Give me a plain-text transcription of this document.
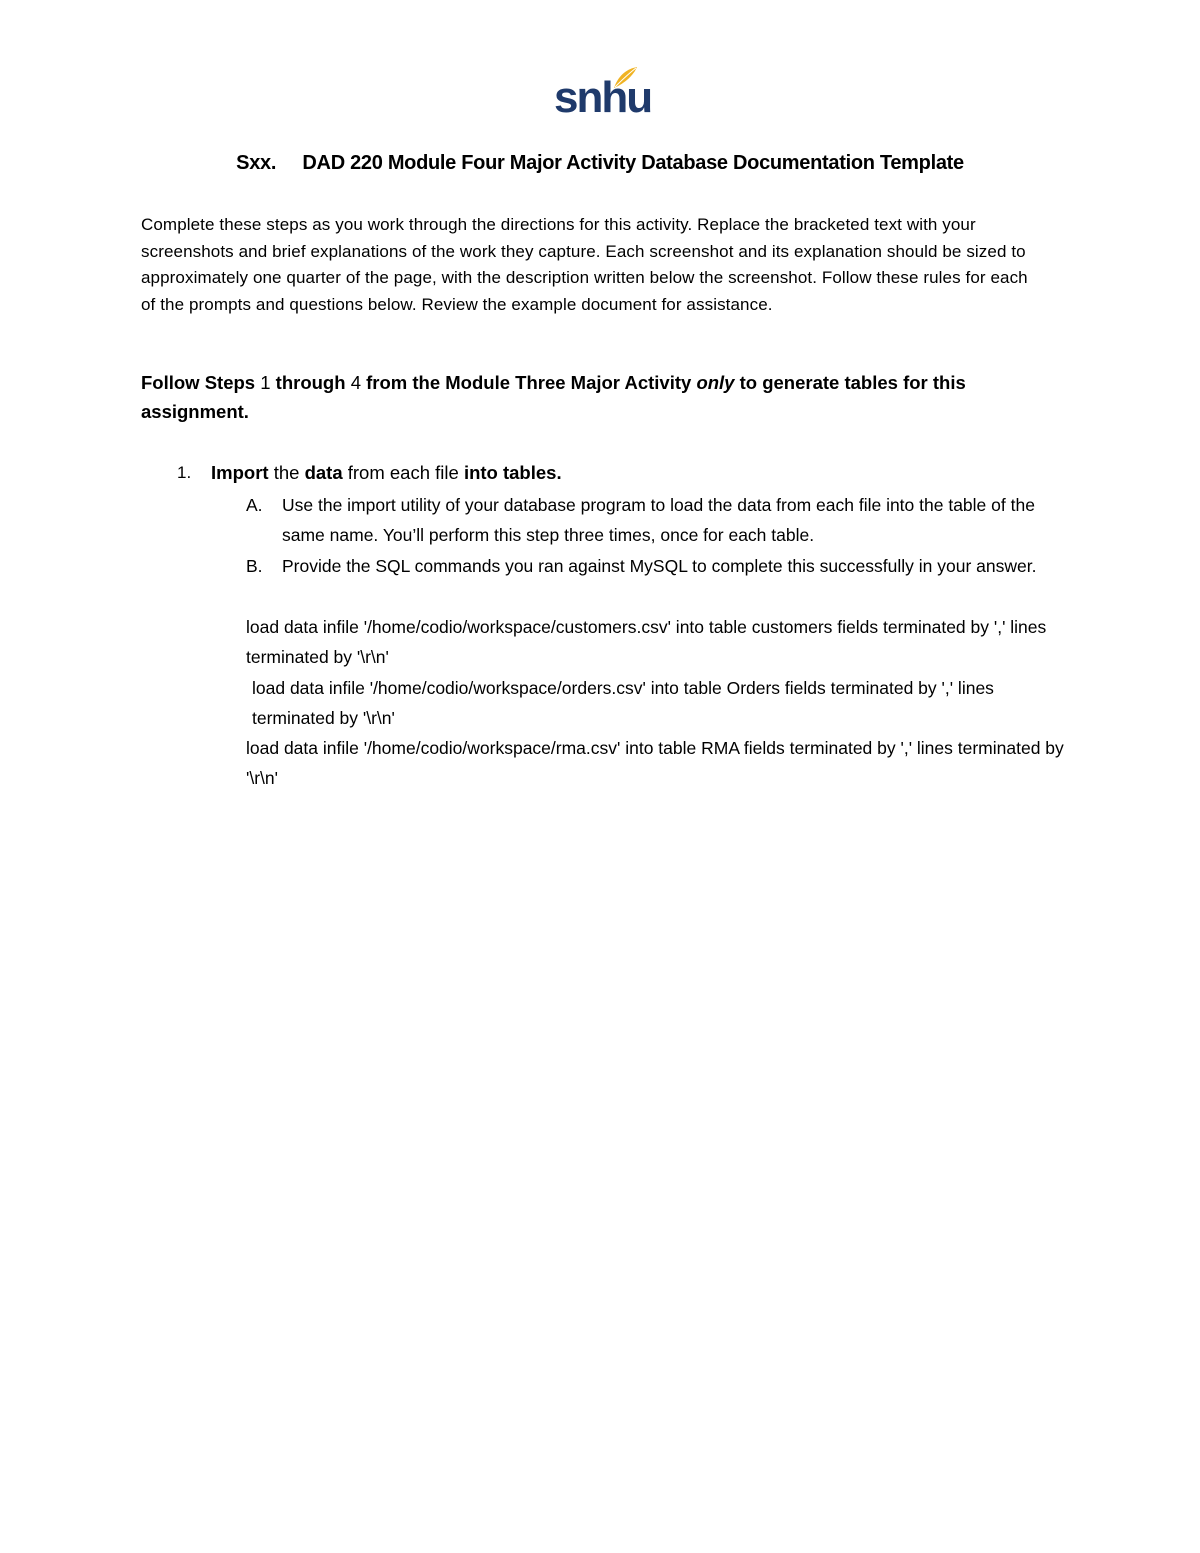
snhu
Sxx. DAD 220 Module Four Major Activity Database Documentation Template
Complete these steps as you work through the directions for this activity. Replace the bracketed text with your screenshots and brief explanations of the work they capture. Each screenshot and its explanation should be sized to approximately one quarter of the page, with the description written below the screenshot. Follow these rules for each of the prompts and questions below. Review the example document for assistance.
Follow Steps 1 through 4 from the Module Three Major Activity only to generate tables for this assignment.
1. Import the data from each file into tables.
A. Use the import utility of your database program to load the data from each file into the table of the same name. You’ll perform this step three times, once for each table.
B. Provide the SQL commands you ran against MySQL to complete this successfully in your answer.

load data infile '/home/codio/workspace/customers.csv' into table customers fields terminated by ',' lines terminated by '\r\n'

load data infile '/home/codio/workspace/orders.csv' into table Orders fields terminated by ',' lines terminated by '\r\n'

load data infile '/home/codio/workspace/rma.csv' into table RMA fields terminated by ',' lines terminated by '\r\n'
